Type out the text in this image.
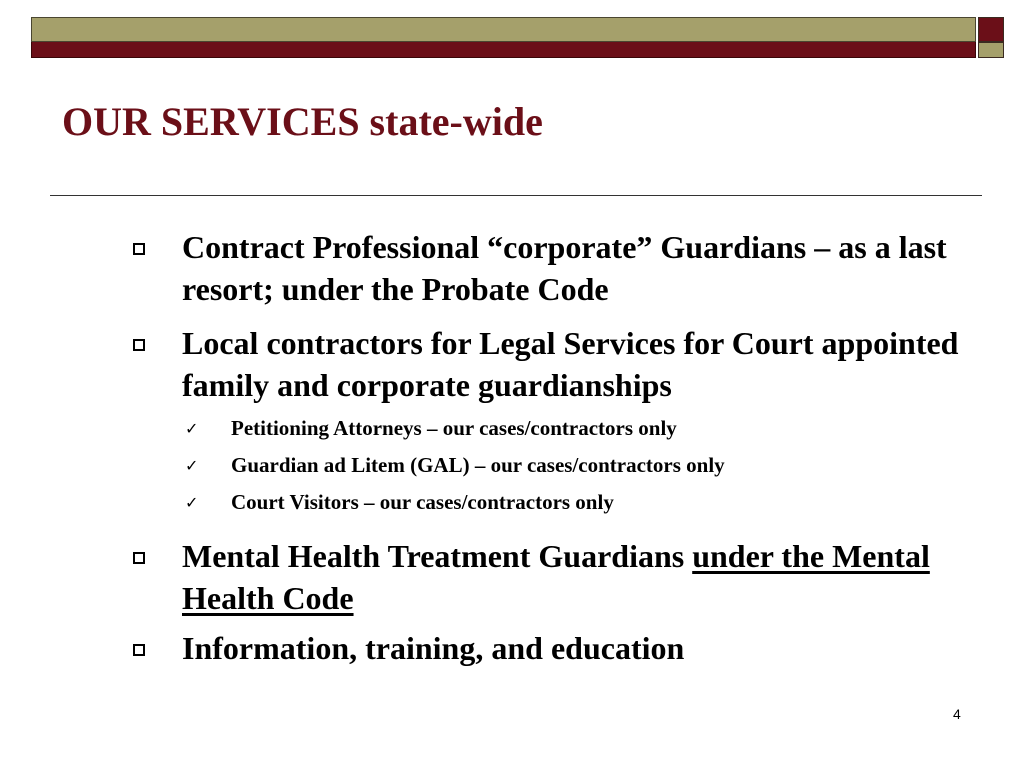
OUR SERVICES state-wide
Contract Professional “corporate” Guardians – as a last resort; under the Probate Code
Local contractors for Legal Services for Court appointed family and corporate guardianships
✓ Petitioning Attorneys – our cases/contractors only
✓ Guardian ad Litem (GAL) – our cases/contractors only
✓ Court Visitors – our cases/contractors only
Mental Health Treatment Guardians under the Mental Health Code
Information, training, and education
4
